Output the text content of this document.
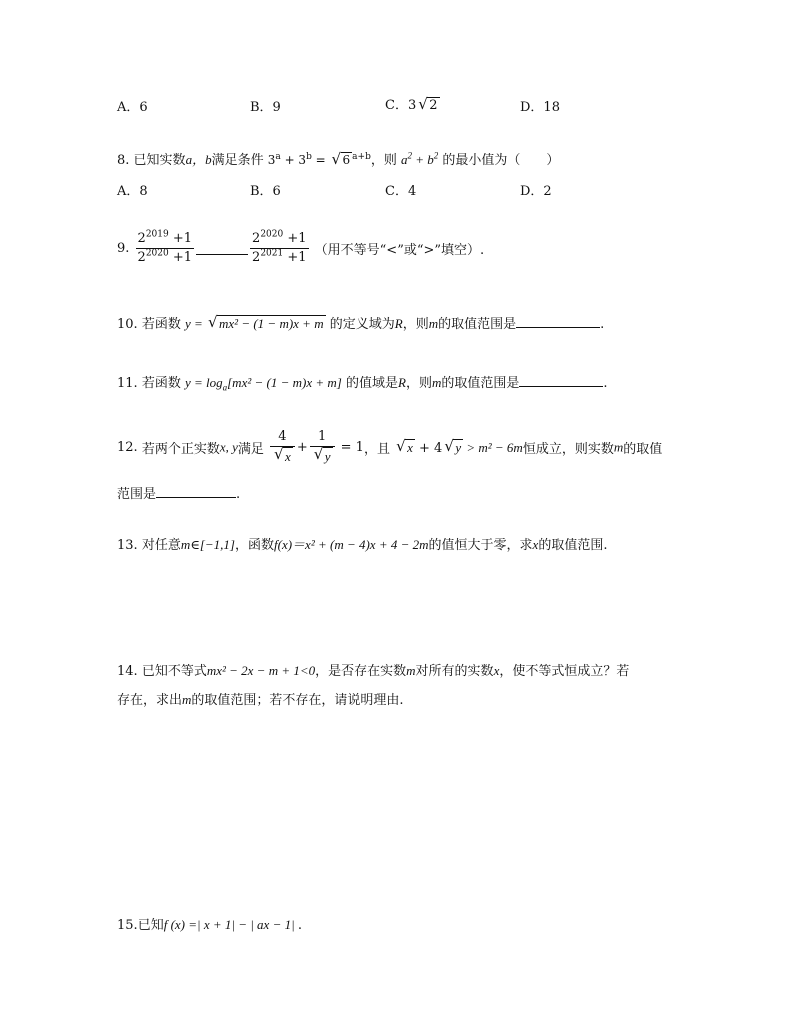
A．6	B．9	C．3 √ 2	D．18
8. 已知实数a，b满足条件 $3^a + 3^b$ = √ 6 $^{a+b}$，则 $a^2 + b^2$ 的最小值为（　　）
A．8	B．6	C．4	D．2
9. $\frac{2^{2019} +1}{2^{2020} +1}$	$\frac{2^{2020} +1}{2^{2021} +1}$ （用不等号“<”或“>”填空）.
10. 若函数 y = √ mx² − (1 − m)x + m 的定义域为R，则m的取值范围是	.
11. 若函数 $y = \log_a[mx^2 - (1 - m)x + m]$ 的值域是R，则m的取值范围是	.
12. 若两个正实数x, y满足 $\frac{4}{√ x} + \frac{1}{√ y} = 1$，且 √ x + 4 √ y > m² − 6m恒成立，则实数m的取值
范围是	.
13. 对任意m∈[−1,1]，函数f(x)＝x² + (m − 4)x + 4 − 2m的值恒大于零，求x的取值范围.
14. 已知不等式mx² − 2x − m + 1<0，是否存在实数m对所有的实数x，使不等式恒成立？若
存在，求出m的取值范围；若不存在，请说明理由.
15.已知f (x) =| x + 1| − | ax − 1| .
